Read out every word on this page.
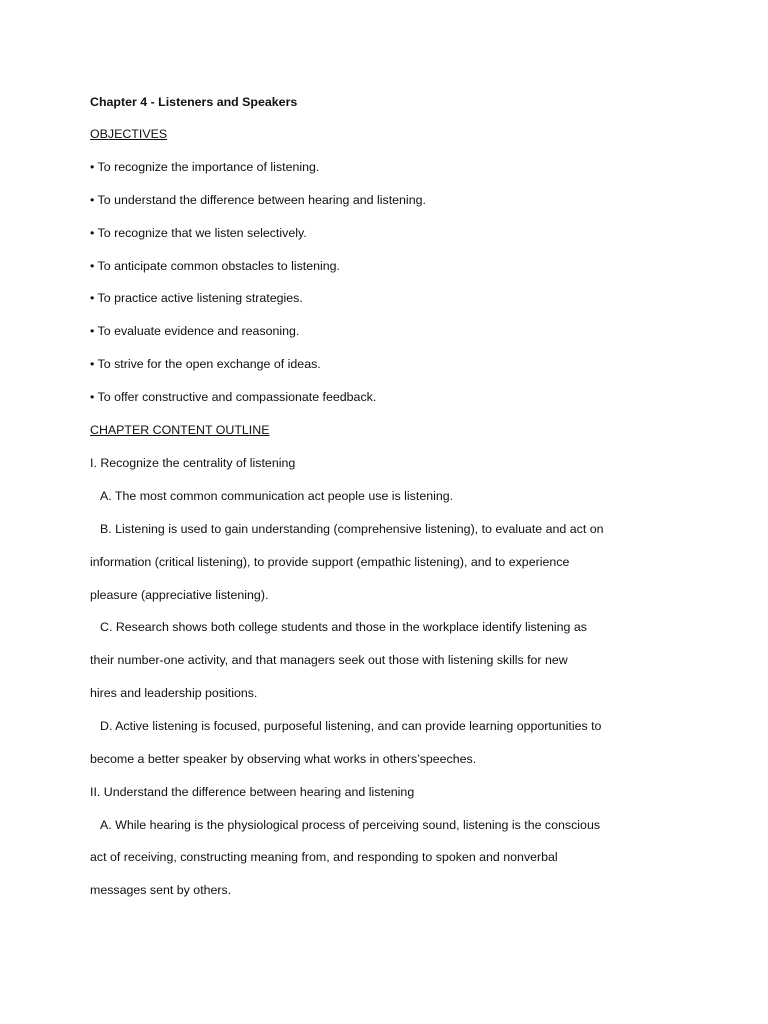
Chapter 4 - Listeners and Speakers
OBJECTIVES
• To recognize the importance of listening.
• To understand the difference between hearing and listening.
• To recognize that we listen selectively.
• To anticipate common obstacles to listening.
• To practice active listening strategies.
• To evaluate evidence and reasoning.
• To strive for the open exchange of ideas.
• To offer constructive and compassionate feedback.
CHAPTER CONTENT OUTLINE
I. Recognize the centrality of listening
A. The most common communication act people use is listening.
B. Listening is used to gain understanding (comprehensive listening), to evaluate and act on
information (critical listening), to provide support (empathic listening), and to experience
pleasure (appreciative listening).
C. Research shows both college students and those in the workplace identify listening as
their number-one activity, and that managers seek out those with listening skills for new
hires and leadership positions.
D. Active listening is focused, purposeful listening, and can provide learning opportunities to
become a better speaker by observing what works in others’speeches.
II. Understand the difference between hearing and listening
A. While hearing is the physiological process of perceiving sound, listening is the conscious
act of receiving, constructing meaning from, and responding to spoken and nonverbal
messages sent by others.
